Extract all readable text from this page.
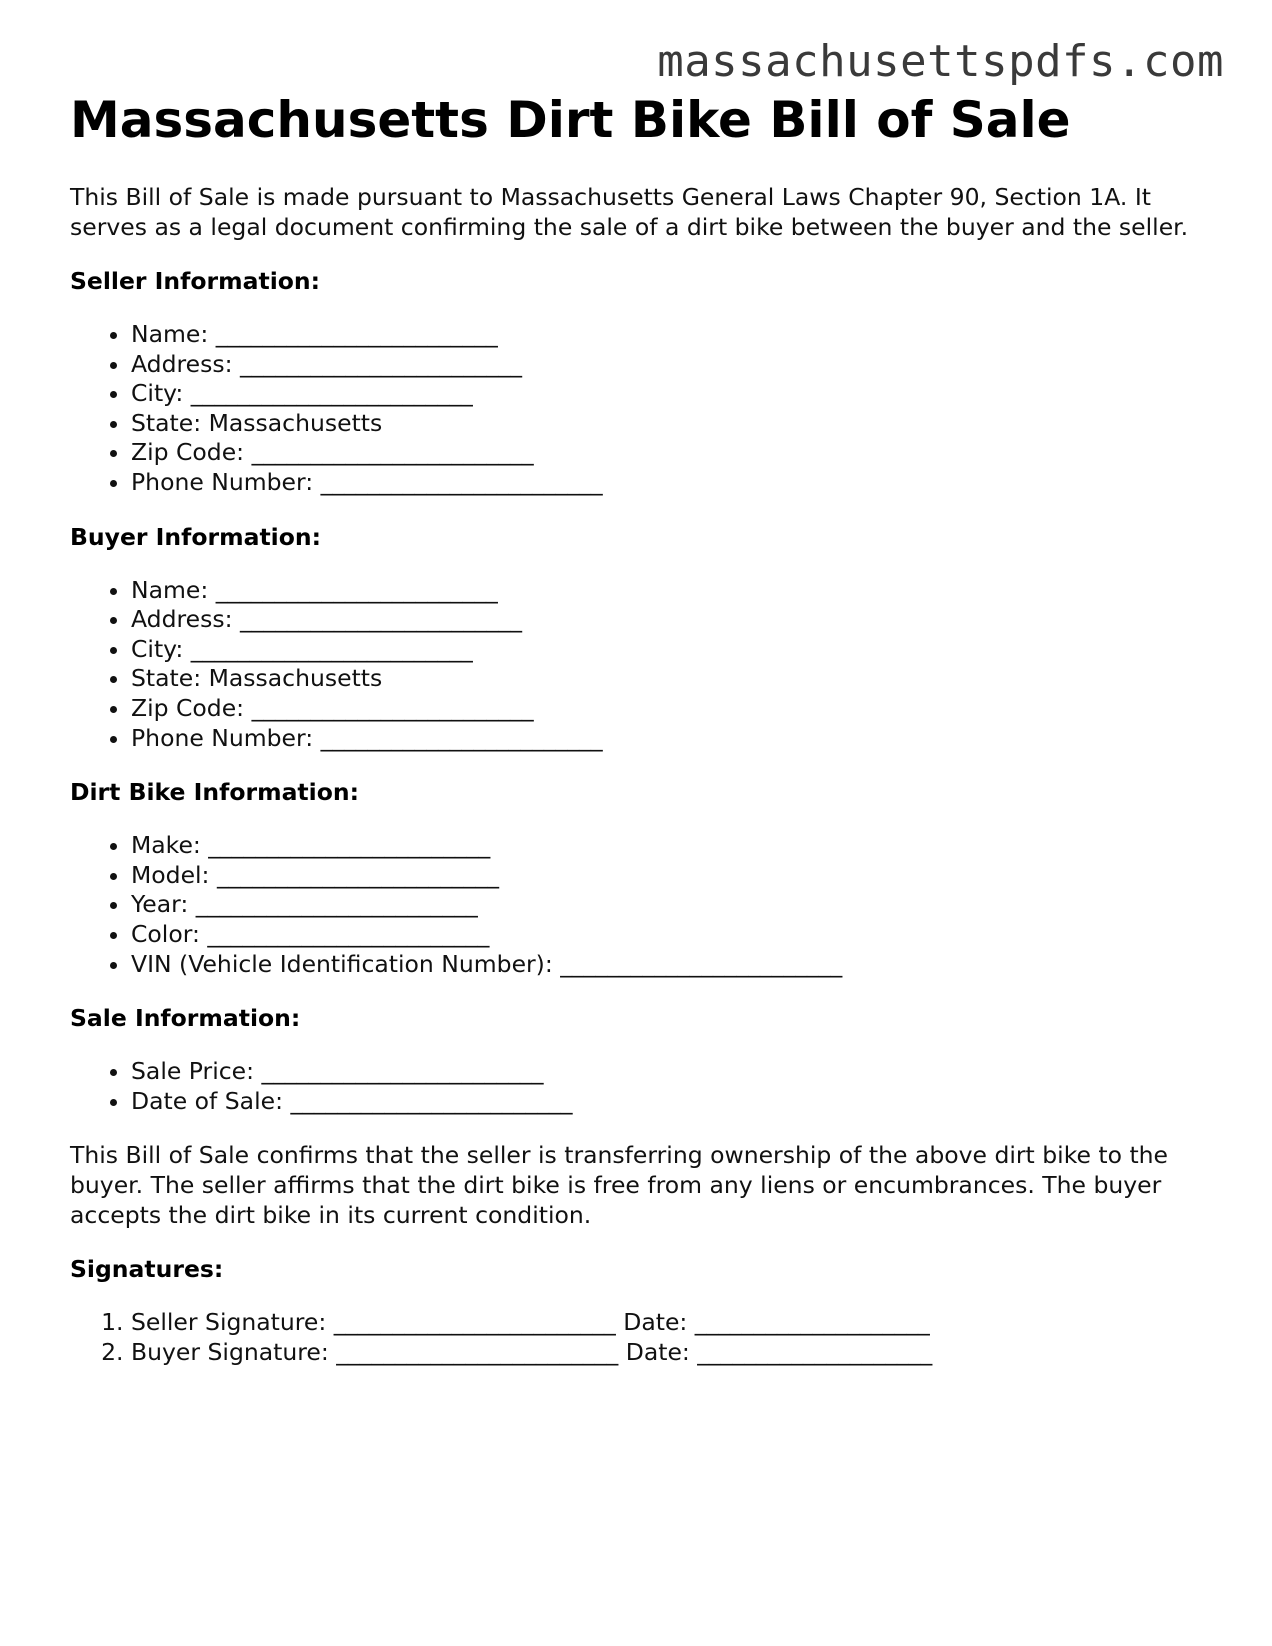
massachusettspdfs.com
Massachusetts Dirt Bike Bill of Sale

This Bill of Sale is made pursuant to Massachusetts General Laws Chapter 90, Section 1A. It serves as a legal document confirming the sale of a dirt bike between the buyer and the seller.

Seller Information:
• Name: ________________________
• Address: ________________________
• City: ________________________
• State: Massachusetts
• Zip Code: ________________________
• Phone Number: ________________________
Buyer Information:
• Name: ________________________
• Address: ________________________
• City: ________________________
• State: Massachusetts
• Zip Code: ________________________
• Phone Number: ________________________
Dirt Bike Information:
• Make: ________________________
• Model: ________________________
• Year: ________________________
• Color: ________________________
• VIN (Vehicle Identification Number): ________________________
Sale Information:
• Sale Price: ________________________
• Date of Sale: ________________________

This Bill of Sale confirms that the seller is transferring ownership of the above dirt bike to the buyer. The seller affirms that the dirt bike is free from any liens or encumbrances. The buyer accepts the dirt bike in its current condition.

Signatures:
1. Seller Signature: ________________________ Date: ____________________
2. Buyer Signature: ________________________ Date: ____________________
